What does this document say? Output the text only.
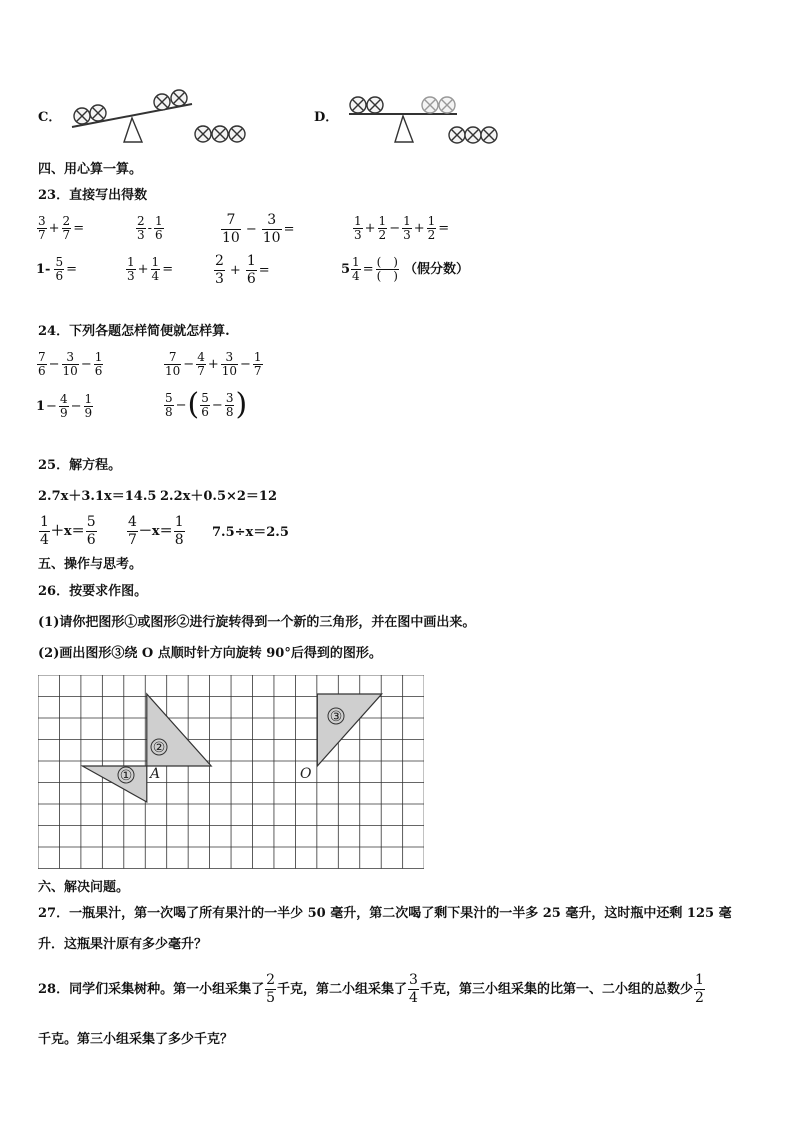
C．	D．
四、用心算一算。
23．直接写出得数
$\frac{3}{7} + \frac{2}{7}$ =	$\frac{2}{3} - \frac{1}{6}$	$\frac{7}{10} - \frac{3}{10}$ =	$\frac{1}{3} + \frac{1}{2} - \frac{1}{3} + \frac{1}{2}$ =
$1- \frac{5}{6}$ =	$\frac{1}{3} + \frac{1}{4}$ =	$\frac{2}{3} + \frac{1}{6}$ =	$5 \frac{1}{4} = \frac{( )}{( )}$ （假分数）
24．下列各题怎样简便就怎样算.
$\frac{7}{6} - \frac{3}{10} - \frac{1}{6}$	$\frac{7}{10} - \frac{4}{7} + \frac{3}{10} - \frac{1}{7}$
$1 - \frac{4}{9} - \frac{1}{9}$	$\frac{5}{8}$ − ( $\frac{5}{6} - \frac{3}{8}$ )
25．解方程。
2.7x＋3.1x＝14.5 2.2x＋0.5×2＝12
$\frac{1}{4} +x= \frac{5}{6} \frac{4}{7} -x= \frac{1}{8} 7.5\div x=2.5$
五、操作与思考。
26．按要求作图。
(1)请你把图形①或图形②进行旋转得到一个新的三角形，并在图中画出来。
(2)画出图形③绕 O 点顺时针方向旋转 90°后得到的图形。
①
②
③
A	O
六、解决问题。
27．一瓶果汁，第一次喝了所有果汁的一半少 50 毫升，第二次喝了剩下果汁的一半多 25 毫升，这时瓶中还剩 125 毫
升．这瓶果汁原有多少毫升？
28．同学们采集树种。第一小组采集了 $\frac{2}{5}$ 千克，第二小组采集了 $\frac{3}{4}$ 千克，第三小组采集的比第一、二小组的总数少 $\frac{1}{2}$
千克。第三小组采集了多少千克？
